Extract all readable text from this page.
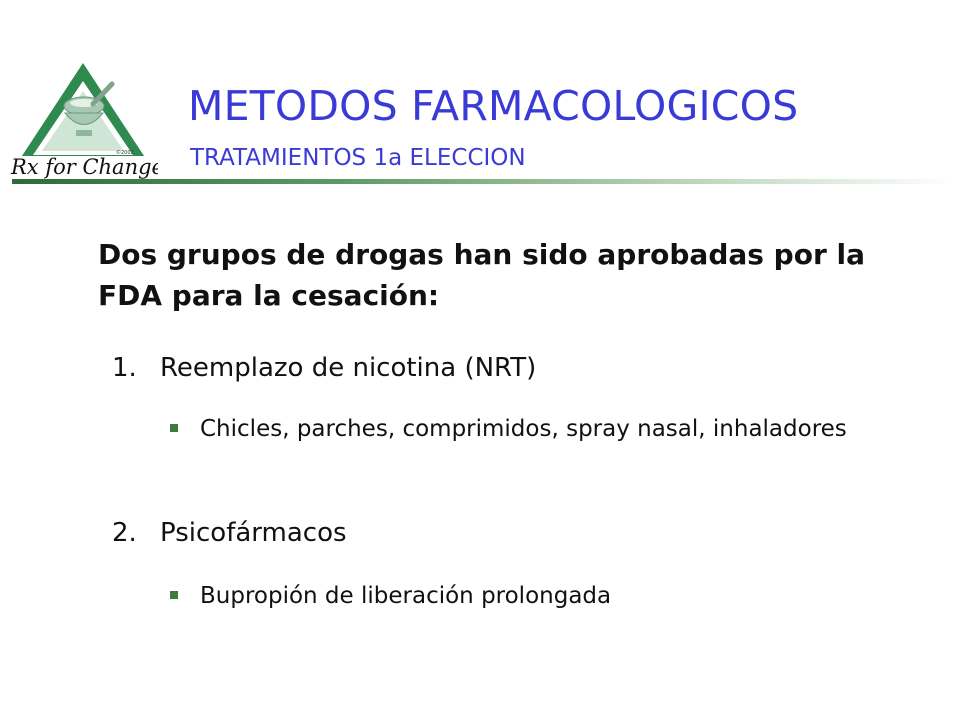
Rx for Change
©2002
METODOS FARMACOLOGICOS
TRATAMIENTOS 1a ELECCION
Dos grupos de drogas han sido aprobadas por la FDA para la cesación:
1. Reemplazo de nicotina (NRT)
Chicles, parches, comprimidos, spray nasal, inhaladores
2. Psicofármacos
Bupropión de liberación prolongada
